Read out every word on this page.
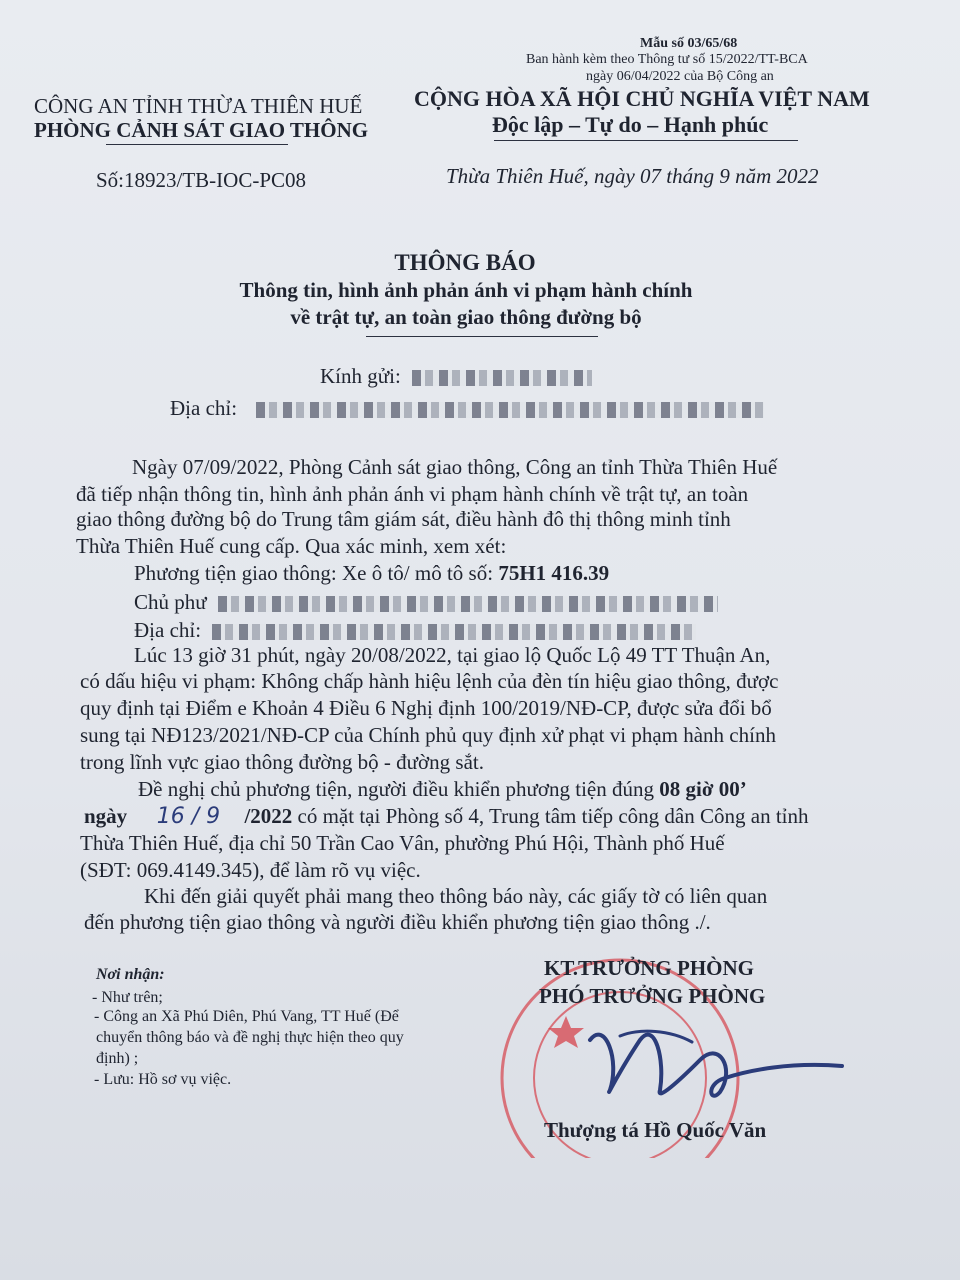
Mẫu số 03/65/68
Ban hành kèm theo Thông tư số 15/2022/TT-BCA
ngày 06/04/2022 của Bộ Công an
CÔNG AN TỈNH THỪA THIÊN HUẾ
PHÒNG CẢNH SÁT GIAO THÔNG
CỘNG HÒA XÃ HỘI CHỦ NGHĨA VIỆT NAM
Độc lập – Tự do – Hạnh phúc
Số:18923/TB-IOC-PC08	Thừa Thiên Huế, ngày 07 tháng 9 năm 2022
THÔNG BÁO
Thông tin, hình ảnh phản ánh vi phạm hành chính
về trật tự, an toàn giao thông đường bộ
Kính gửi:
Địa chỉ:
Ngày 07/09/2022, Phòng Cảnh sát giao thông, Công an tỉnh Thừa Thiên Huế
đã tiếp nhận thông tin, hình ảnh phản ánh vi phạm hành chính về trật tự, an toàn
giao thông đường bộ do Trung tâm giám sát, điều hành đô thị thông minh tỉnh
Thừa Thiên Huế cung cấp. Qua xác minh, xem xét:
Phương tiện giao thông: Xe ô tô/ mô tô số: 75H1 416.39
Chủ phư
Địa chỉ:
Lúc 13 giờ 31 phút, ngày 20/08/2022, tại giao lộ Quốc Lộ 49 TT Thuận An,
có dấu hiệu vi phạm: Không chấp hành hiệu lệnh của đèn tín hiệu giao thông, được
quy định tại Điểm e Khoản 4 Điều 6 Nghị định 100/2019/NĐ-CP, được sửa đổi bổ
sung tại NĐ123/2021/NĐ-CP của Chính phủ quy định xử phạt vi phạm hành chính
trong lĩnh vực giao thông đường bộ - đường sắt.
Đề nghị chủ phương tiện, người điều khiển phương tiện đúng 08 giờ 00’
ngày 16 / 9 /2022 có mặt tại Phòng số 4, Trung tâm tiếp công dân Công an tỉnh
Thừa Thiên Huế, địa chỉ 50 Trần Cao Vân, phường Phú Hội, Thành phố Huế
(SĐT: 069.4149.345), để làm rõ vụ việc.
Khi đến giải quyết phải mang theo thông báo này, các giấy tờ có liên quan
đến phương tiện giao thông và người điều khiển phương tiện giao thông ./.
Nơi nhận:
- Như trên;
- Công an Xã Phú Diên, Phú Vang, TT Huế (Để
chuyển thông báo và đề nghị thực hiện theo quy
định) ;
- Lưu: Hồ sơ vụ việc.
KT.TRƯỞNG PHÒNG
PHÓ TRƯỞNG PHÒNG
Thượng tá Hồ Quốc Văn
